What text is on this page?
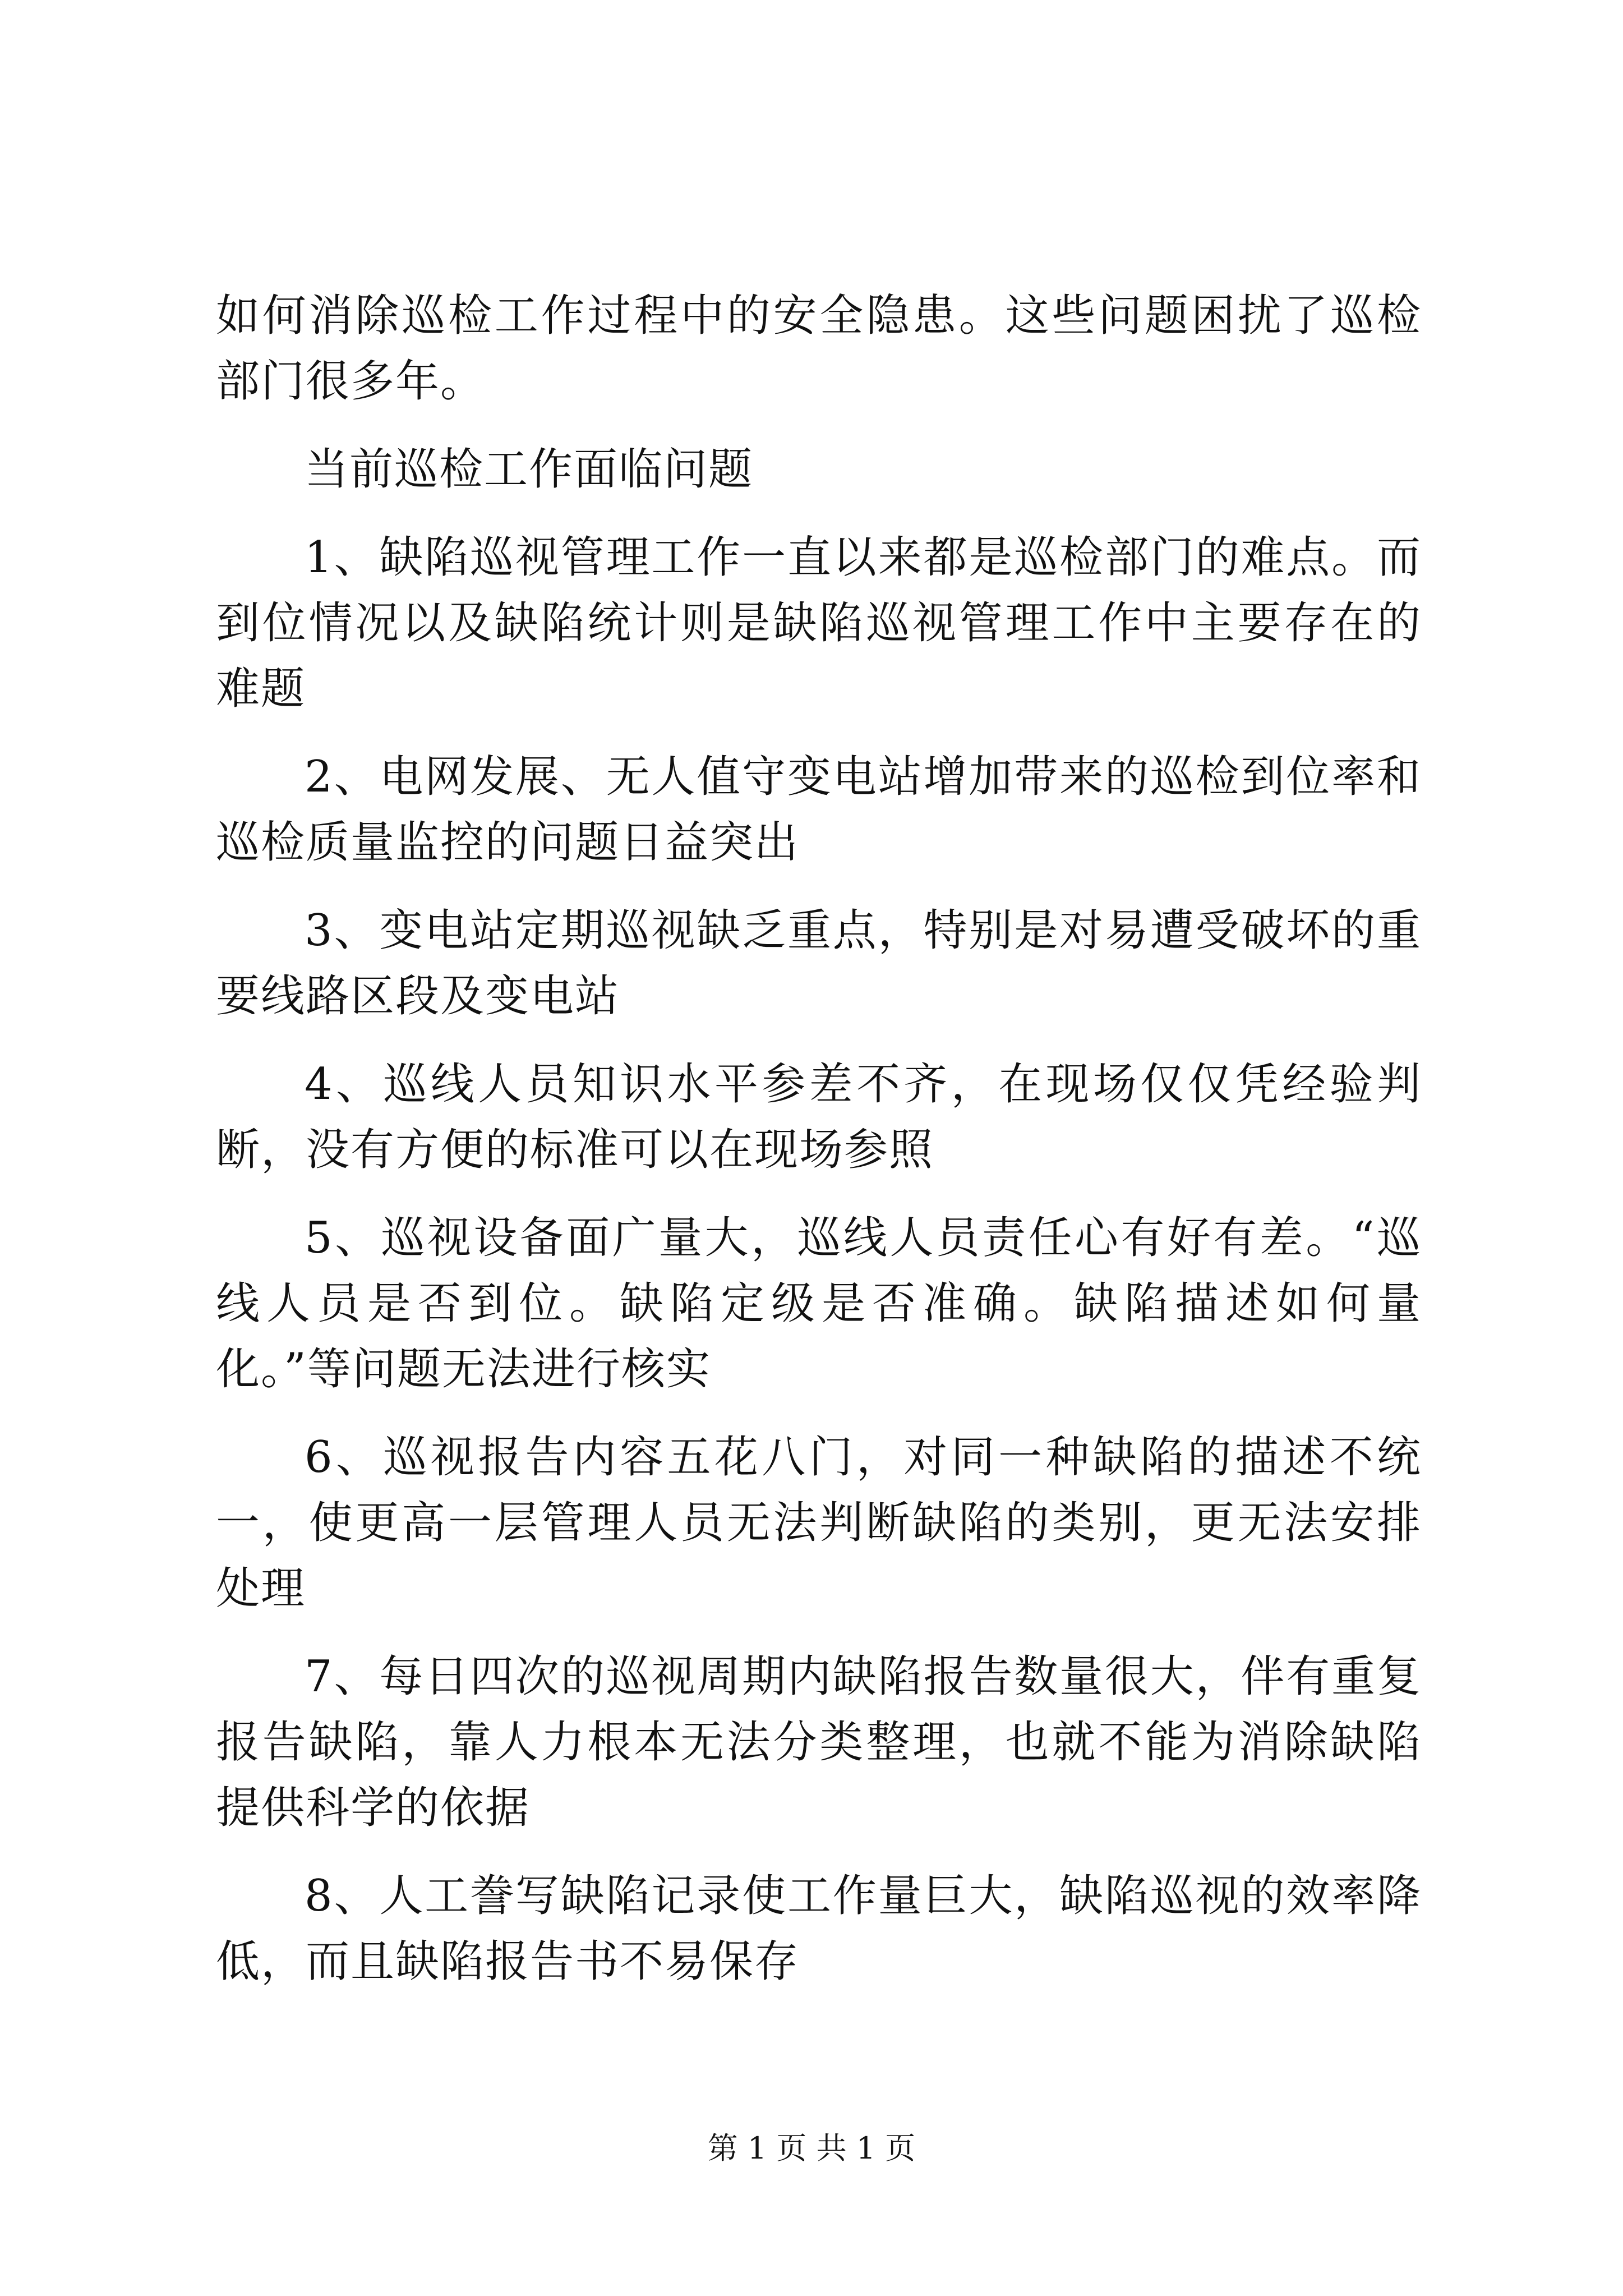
如何消除巡检工作过程中的安全隐患。这些问题困扰了巡检部门很多年。

当前巡检工作面临问题

1、缺陷巡视管理工作一直以来都是巡检部门的难点。而到位情况以及缺陷统计则是缺陷巡视管理工作中主要存在的难题

2、电网发展、无人值守变电站增加带来的巡检到位率和巡检质量监控的问题日益突出

3、变电站定期巡视缺乏重点，特别是对易遭受破坏的重要线路区段及变电站

4、巡线人员知识水平参差不齐，在现场仅仅凭经验判断，没有方便的标准可以在现场参照

5、巡视设备面广量大，巡线人员责任心有好有差。“巡线人员是否到位。缺陷定级是否准确。缺陷描述如何量化。”等问题无法进行核实

6、巡视报告内容五花八门，对同一种缺陷的描述不统一，使更高一层管理人员无法判断缺陷的类别，更无法安排处理

7、每日四次的巡视周期内缺陷报告数量很大，伴有重复报告缺陷，靠人力根本无法分类整理，也就不能为消除缺陷提供科学的依据

8、人工誊写缺陷记录使工作量巨大，缺陷巡视的效率降低，而且缺陷报告书不易保存

第 1 页 共 1 页
